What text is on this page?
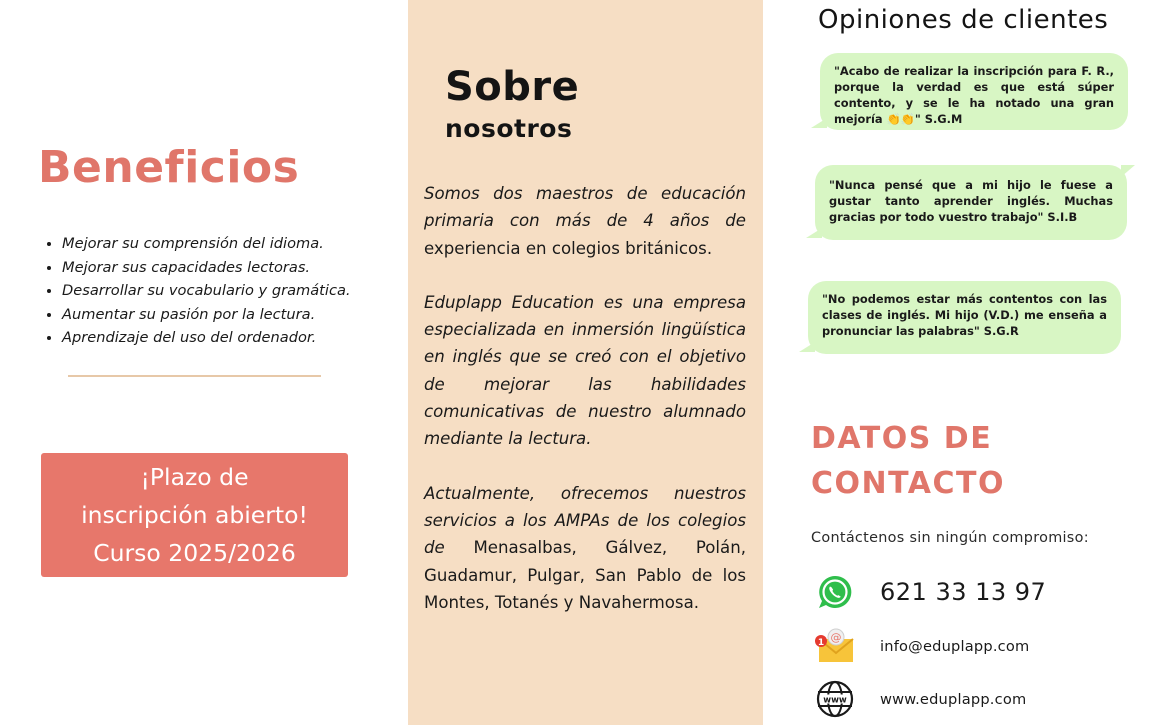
Beneficios
• Mejorar su comprensión del idioma.
• Mejorar sus capacidades lectoras.
• Desarrollar su vocabulario y gramática.
• Aumentar su pasión por la lectura.
• Aprendizaje del uso del ordenador.
¡Plazo de
inscripción abierto!
Curso 2025/2026
Sobre
nosotros

Somos dos maestros de educación primaria con más de 4 años de experiencia en colegios británicos.

Eduplapp Education es una empresa especializada en inmersión lingüística en inglés que se creó con el objetivo de mejorar las habilidades comunicativas de nuestro alumnado mediante la lectura.

Actualmente, ofrecemos nuestros servicios a los AMPAs de los colegios de Menasalbas, Gálvez, Polán, Guadamur, Pulgar, San Pablo de los Montes, Totanés y Navahermosa.

Opiniones de clientes
"Acabo de realizar la inscripción para F. R., porque la verdad es que está súper contento, y se le ha notado una gran mejoría 👏👏" S.G.M
"Nunca pensé que a mi hijo le fuese a gustar tanto aprender inglés. Muchas gracias por todo vuestro trabajo" S.I.B
"No podemos estar más contentos con las clases de inglés. Mi hijo (V.D.) me enseña a pronunciar las palabras" S.G.R
DATOS DE
CONTACTO

Contáctenos sin ningún compromiso:

621 33 13 97
@
1	info@eduplapp.com
www www.eduplapp.com
